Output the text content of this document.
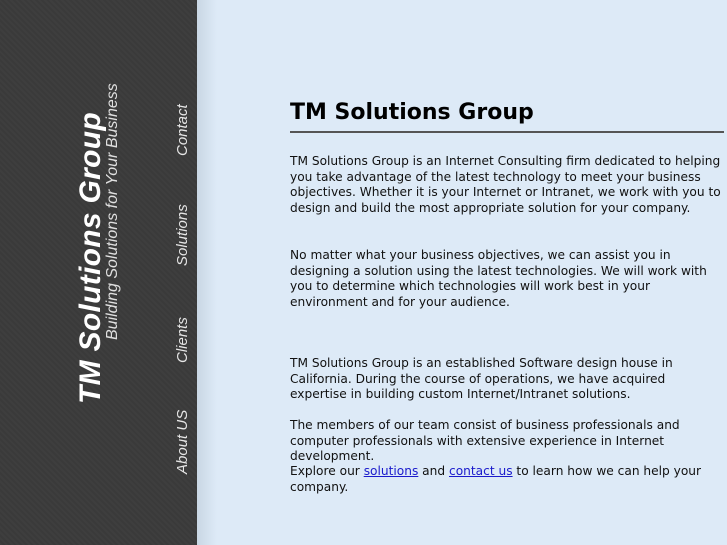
TM Solutions Group
Building Solutions for Your Business	Contact
Solutions
Clients
About US
TM Solutions Group

TM Solutions Group is an Internet Consulting firm dedicated to helping you take advantage of the latest technology to meet your business objectives. Whether it is your Internet or Intranet, we work with you to design and build the most appropriate solution for your company.

No matter what your business objectives, we can assist you in designing a solution using the latest technologies. We will work with you to determine which technologies will work best in your environment and for your audience.

TM Solutions Group is an established Software design house in California. During the course of operations, we have acquired expertise in building custom Internet/Intranet solutions.

The members of our team consist of business professionals and computer professionals with extensive experience in Internet development.

Explore our solutions and contact us to learn how we can help your company.
